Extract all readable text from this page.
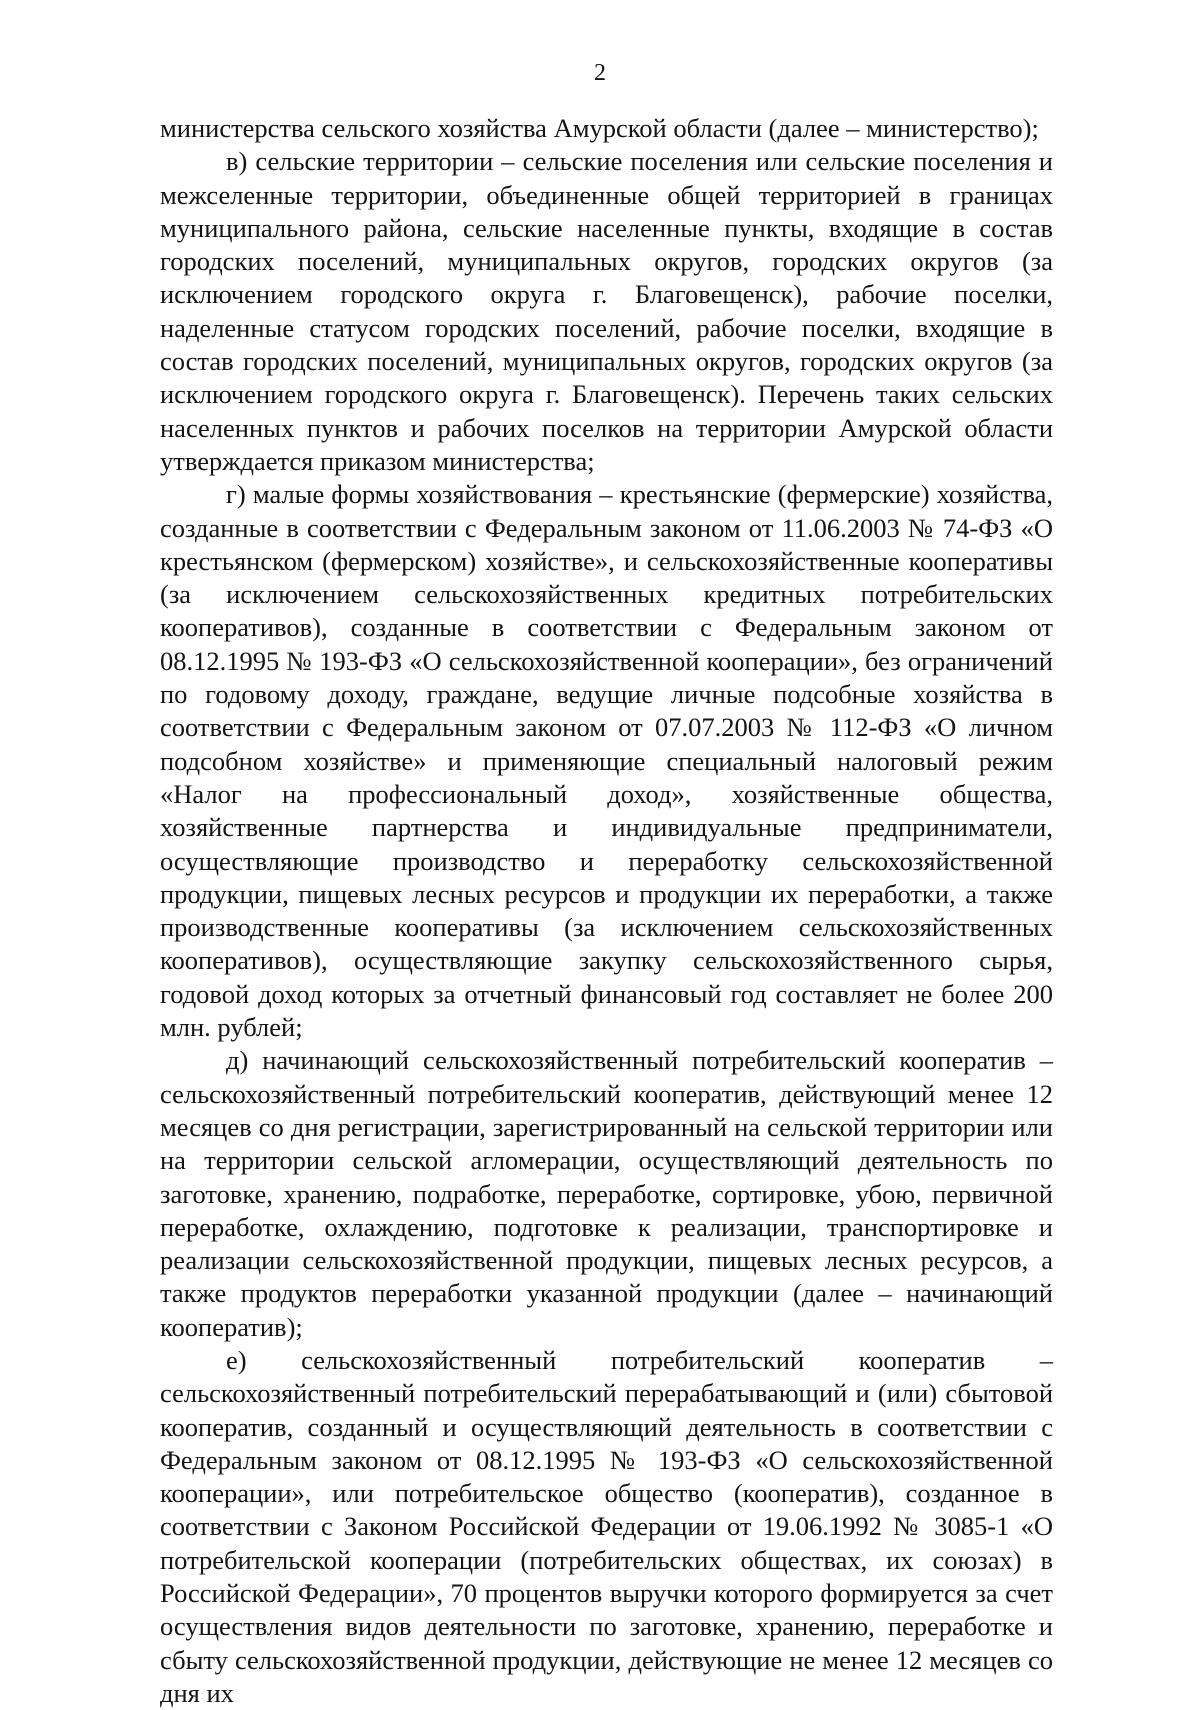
2

министерства сельского хозяйства Амурской области (далее – министерство);

в) сельские территории – сельские поселения или сельские поселения и межселенные территории, объединенные общей территорией в границах муниципального района, сельские населенные пункты, входящие в состав городских поселений, муниципальных округов, городских округов (за исключением городского округа г. Благовещенск), рабочие поселки, наделенные статусом городских поселений, рабочие поселки, входящие в состав городских поселений, муниципальных округов, городских округов (за исключением городского округа г. Благовещенск). Перечень таких сельских населенных пунктов и рабочих поселков на территории Амурской области утверждается приказом министерства;

г) малые формы хозяйствования – крестьянские (фермерские) хозяйства, созданные в соответствии с Федеральным законом от 11.06.2003 № 74-ФЗ «О крестьянском (фермерском) хозяйстве», и сельскохозяйственные кооперативы (за исключением сельскохозяйственных кредитных потребительских кооперативов), созданные в соответствии с Федеральным законом от 08.12.1995 № 193-ФЗ «О сельскохозяйственной кооперации», без ограничений по годовому доходу, граждане, ведущие личные подсобные хозяйства в соответствии с Федеральным законом от 07.07.2003 № 112-ФЗ «О личном подсобном хозяйстве» и применяющие специальный налоговый режим «Налог на профессиональный доход», хозяйственные общества, хозяйственные партнерства и индивидуальные предприниматели, осуществляющие производство и переработку сельскохозяйственной продукции, пищевых лесных ресурсов и продукции их переработки, а также производственные кооперативы (за исключением сельскохозяйственных кооперативов), осуществляющие закупку сельскохозяйственного сырья, годовой доход которых за отчетный финансовый год составляет не более 200 млн. рублей;

д) начинающий сельскохозяйственный потребительский кооператив – сельскохозяйственный потребительский кооператив, действующий менее 12 месяцев со дня регистрации, зарегистрированный на сельской территории или на территории сельской агломерации, осуществляющий деятельность по заготовке, хранению, подработке, переработке, сортировке, убою, первичной переработке, охлаждению, подготовке к реализации, транспортировке и реализации сельскохозяйственной продукции, пищевых лесных ресурсов, а также продуктов переработки указанной продукции (далее – начинающий кооператив);

е) сельскохозяйственный потребительский кооператив – сельскохозяйственный потребительский перерабатывающий и (или) сбытовой кооператив, созданный и осуществляющий деятельность в соответствии с Федеральным законом от 08.12.1995 № 193-ФЗ «О сельскохозяйственной кооперации», или потребительское общество (кооператив), созданное в соответствии с Законом Российской Федерации от 19.06.1992 № 3085-1 «О потребительской кооперации (потребительских обществах, их союзах) в Российской Федерации», 70 процентов выручки которого формируется за счет осуществления видов деятельности по заготовке, хранению, переработке и сбыту сельскохозяйственной продукции, действующие не менее 12 месяцев со дня их
